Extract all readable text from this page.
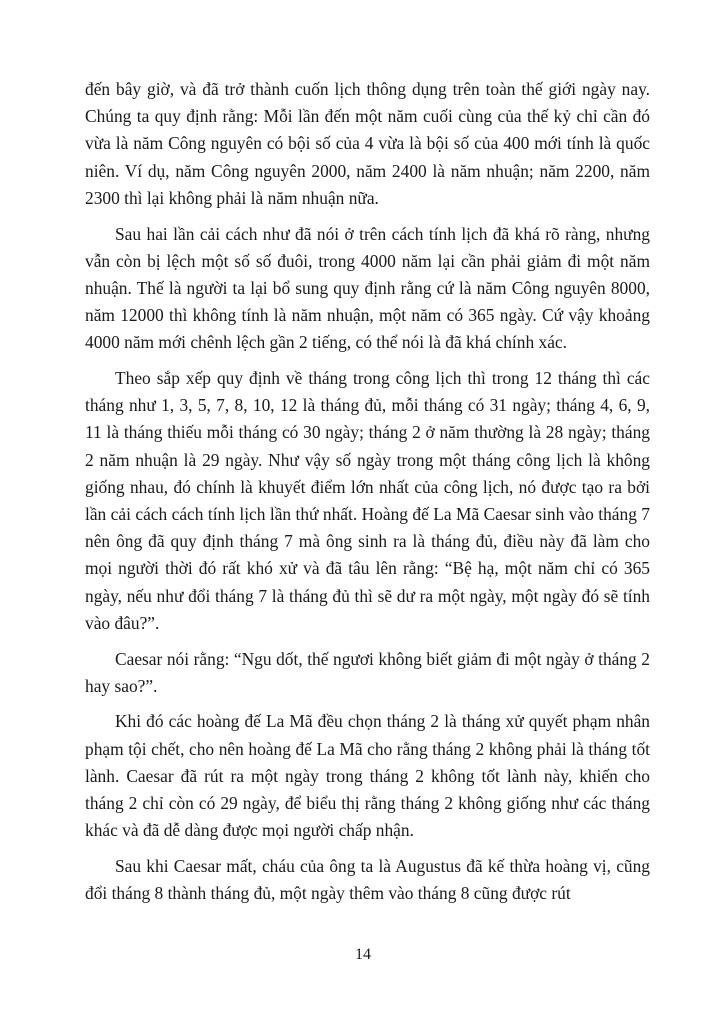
đến bây giờ, và đã trở thành cuốn lịch thông dụng trên toàn thế giới ngày nay. Chúng ta quy định rằng: Mỗi lần đến một năm cuối cùng của thế kỷ chỉ cần đó vừa là năm Công nguyên có bội số của 4 vừa là bội số của 400 mới tính là quốc niên. Ví dụ, năm Công nguyên 2000, năm 2400 là năm nhuận; năm 2200, năm 2300 thì lại không phải là năm nhuận nữa.

Sau hai lần cải cách như đã nói ở trên cách tính lịch đã khá rõ ràng, nhưng vẫn còn bị lệch một số số đuôi, trong 4000 năm lại cần phải giảm đi một năm nhuận. Thế là người ta lại bổ sung quy định rằng cứ là năm Công nguyên 8000, năm 12000 thì không tính là năm nhuận, một năm có 365 ngày. Cứ vậy khoảng 4000 năm mới chênh lệch gần 2 tiếng, có thể nói là đã khá chính xác.

Theo sắp xếp quy định về tháng trong công lịch thì trong 12 tháng thì các tháng như 1, 3, 5, 7, 8, 10, 12 là tháng đủ, mỗi tháng có 31 ngày; tháng 4, 6, 9, 11 là tháng thiếu mỗi tháng có 30 ngày; tháng 2 ở năm thường là 28 ngày; tháng 2 năm nhuận là 29 ngày. Như vậy số ngày trong một tháng công lịch là không giống nhau, đó chính là khuyết điểm lớn nhất của công lịch, nó được tạo ra bởi lần cải cách cách tính lịch lần thứ nhất. Hoàng đế La Mã Caesar sinh vào tháng 7 nên ông đã quy định tháng 7 mà ông sinh ra là tháng đủ, điều này đã làm cho mọi người thời đó rất khó xử và đã tâu lên rằng: “Bệ hạ, một năm chỉ có 365 ngày, nếu như đổi tháng 7 là tháng đủ thì sẽ dư ra một ngày, một ngày đó sẽ tính vào đâu?”.

Caesar nói rằng: “Ngu dốt, thế ngươi không biết giảm đi một ngày ở tháng 2 hay sao?”.

Khi đó các hoàng đế La Mã đều chọn tháng 2 là tháng xử quyết phạm nhân phạm tội chết, cho nên hoàng đế La Mã cho rằng tháng 2 không phải là tháng tốt lành. Caesar đã rút ra một ngày trong tháng 2 không tốt lành này, khiến cho tháng 2 chỉ còn có 29 ngày, để biểu thị rằng tháng 2 không giống như các tháng khác và đã dễ dàng được mọi người chấp nhận.

Sau khi Caesar mất, cháu của ông ta là Augustus đã kế thừa hoàng vị, cũng đổi tháng 8 thành tháng đủ, một ngày thêm vào tháng 8 cũng được rút

14
